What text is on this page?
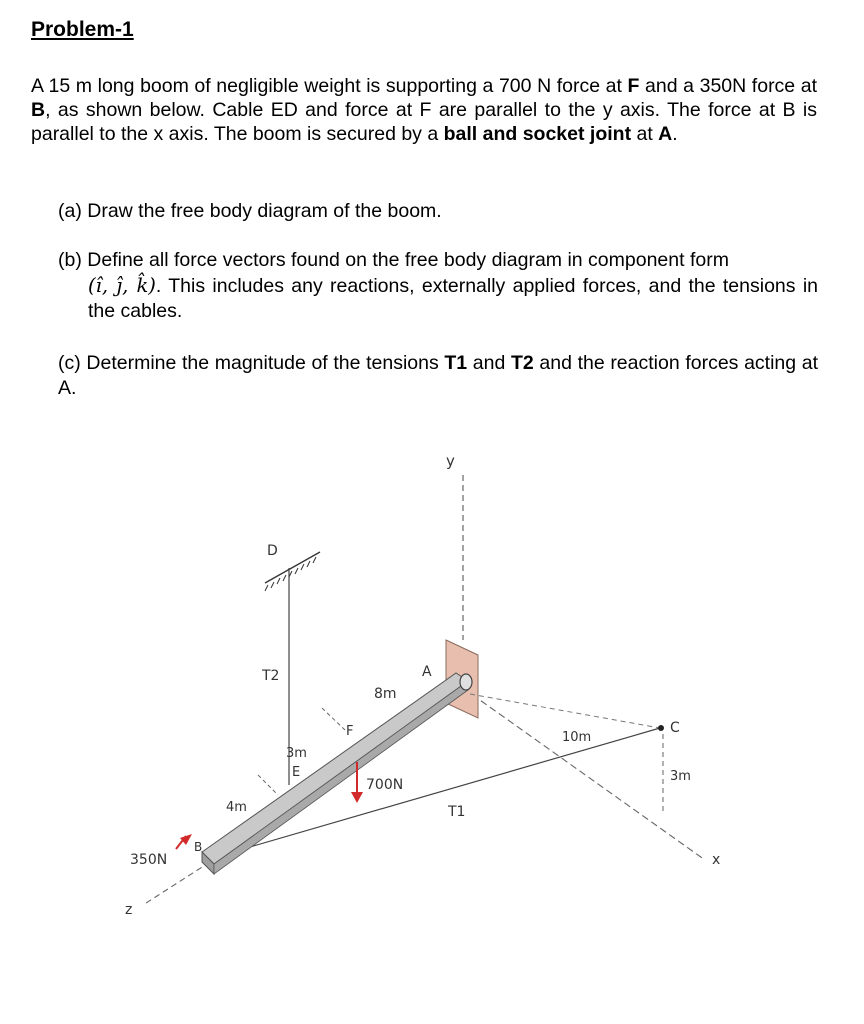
Problem-1

A 15 m long boom of negligible weight is supporting a 700 N force at F and a 350N force at B, as shown below. Cable ED and force at F are parallel to the y axis. The force at B is parallel to the x axis. The boom is secured by a ball and socket joint at A.

(a) Draw the free body diagram of the boom.

(b) Define all force vectors found on the free body diagram in component form
(î, ĵ, k̂). This includes any reactions, externally applied forces, and the tensions in the cables.

(c) Determine the magnitude of the tensions T1 and T2 and the reaction forces acting at A.

y
x
z
D
T2
T1
C
3m
10m
A
E
3m
F
8m
4m
700N
B
350N
